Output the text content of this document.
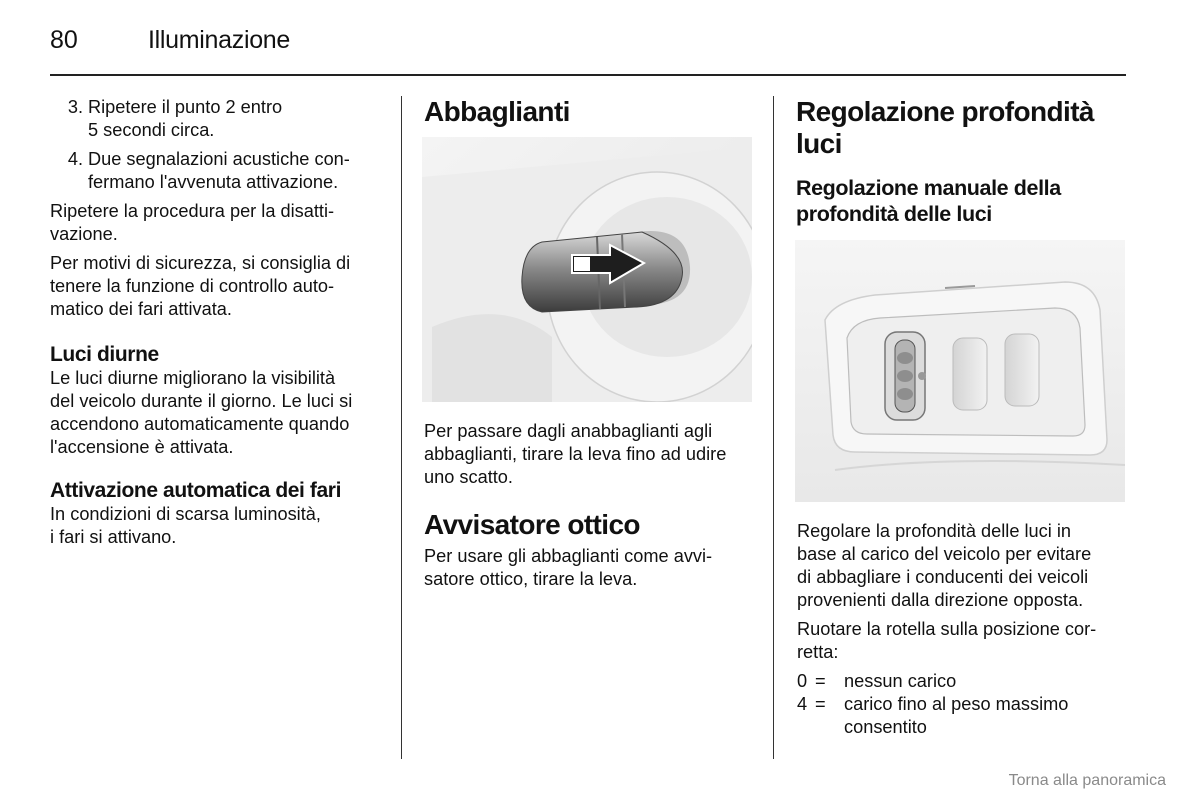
80	Illuminazione
3. Ripetere il punto 2 entro
5 secondi circa.
4. Due segnalazioni acustiche con-
fermano l'avvenuta attivazione.

Ripetere la procedura per la disatti-
vazione.

Per motivi di sicurezza, si consiglia di
tenere la funzione di controllo auto-
matico dei fari attivata.

Luci diurne

Le luci diurne migliorano la visibilità
del veicolo durante il giorno. Le luci si
accendono automaticamente quando
l'accensione è attivata.

Attivazione automatica dei fari

In condizioni di scarsa luminosità,
i fari si attivano.

Abbaglianti

Per passare dagli anabbaglianti agli
abbaglianti, tirare la leva fino ad udire
uno scatto.

Avvisatore ottico

Per usare gli abbaglianti come avvi-
satore ottico, tirare la leva.

Regolazione profondità
luci
Regolazione manuale della
profondità delle luci

Regolare la profondità delle luci in
base al carico del veicolo per evitare
di abbagliare i conducenti dei veicoli
provenienti dalla direzione opposta.

Ruotare la rotella sulla posizione cor-
retta:

0 =	nessun carico
4 =	carico fino al peso massimo
consentito
Torna alla panoramica
